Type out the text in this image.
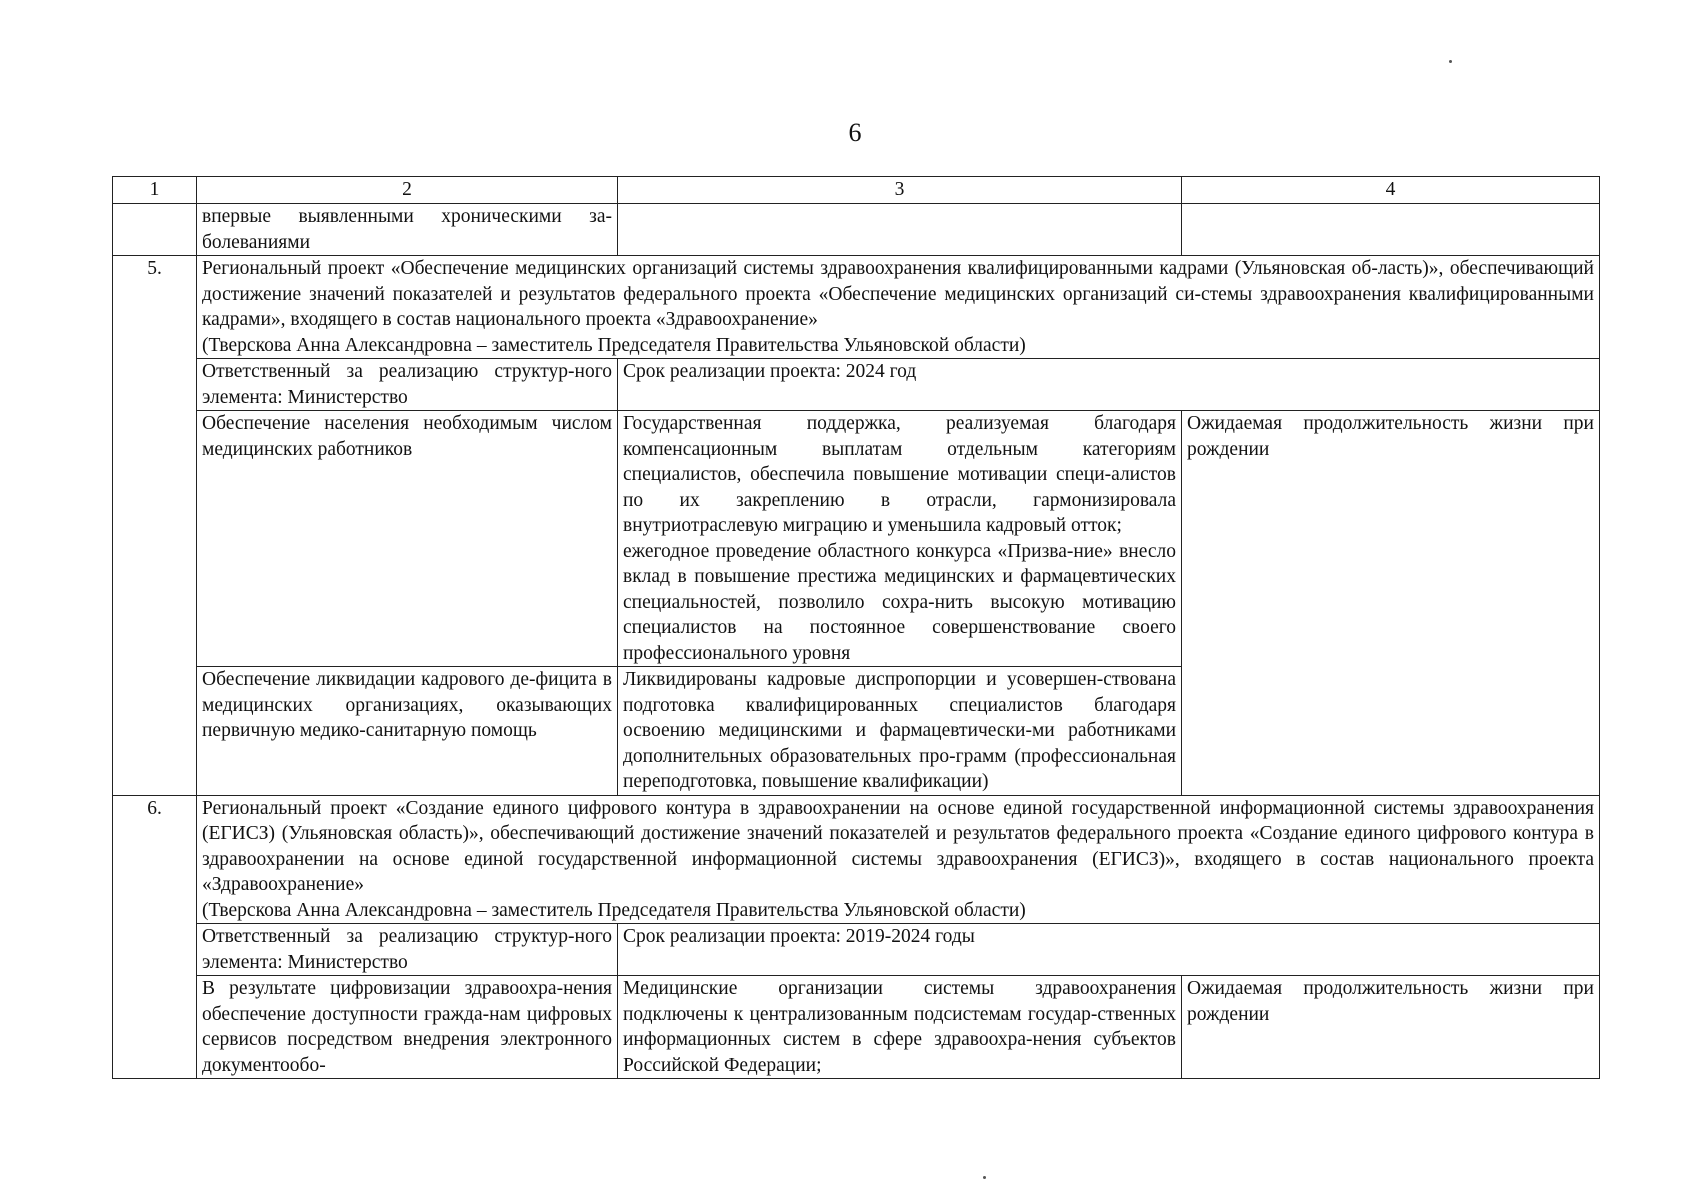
6
1	2	3	4
	впервые выявленными хроническими за-болеваниями		
5.	Региональный проект «Обеспечение медицинских организаций системы здравоохранения квалифицированными кадрами (Ульяновская об-ласть)», обеспечивающий достижение значений показателей и результатов федерального проекта «Обеспечение медицинских организаций си-стемы здравоохранения квалифицированными кадрами», входящего в состав национального проекта «Здравоохранение»
(Тверскова Анна Александровна – заместитель Председателя Правительства Ульяновской области)		

	Ответственный за реализацию структур-ного элемента: Министерство	Срок реализации проекта: 2024 год	
	Обеспечение населения необходимым числом медицинских работников	Государственная поддержка, реализуемая благодаря компенсационным выплатам отдельным категориям специалистов, обеспечила повышение мотивации специ-алистов по их закреплению в отрасли, гармонизировала внутриотраслевую миграцию и уменьшила кадровый отток;
ежегодное проведение областного конкурса «Призва-ние» внесло вклад в повышение престижа медицинских и фармацевтических специальностей, позволило сохра-нить высокую мотивацию специалистов на постоянное совершенствование своего профессионального уровня	Ожидаемая продолжительность жизни при рождении
	Обеспечение ликвидации кадрового де-фицита в медицинских организациях, оказывающих первичную медико-санитарную помощь	Ликвидированы кадровые диспропорции и усовершен-ствована подготовка квалифицированных специалистов благодаря освоению медицинскими и фармацевтически-ми работниками дополнительных образовательных про-грамм (профессиональная переподготовка, повышение квалификации)	
6.	Региональный проект «Создание единого цифрового контура в здравоохранении на основе единой государственной информационной системы здравоохранения (ЕГИСЗ) (Ульяновская область)», обеспечивающий достижение значений показателей и результатов федерального проекта «Создание единого цифрового контура в здравоохранении на основе единой государственной информационной системы здравоохранения (ЕГИСЗ)», входящего в состав национального проекта «Здравоохранение»
(Тверскова Анна Александровна – заместитель Председателя Правительства Ульяновской области)		

	Ответственный за реализацию структур-ного элемента: Министерство	Срок реализации проекта: 2019-2024 годы	
	В результате цифровизации здравоохра-нения обеспечение доступности гражда-нам цифровых сервисов посредством внедрения электронного документообо-	Медицинские организации системы здравоохранения подключены к централизованным подсистемам государ-ственных информационных систем в сфере здравоохра-нения субъектов Российской Федерации;	Ожидаемая продолжительность жизни при рождении
